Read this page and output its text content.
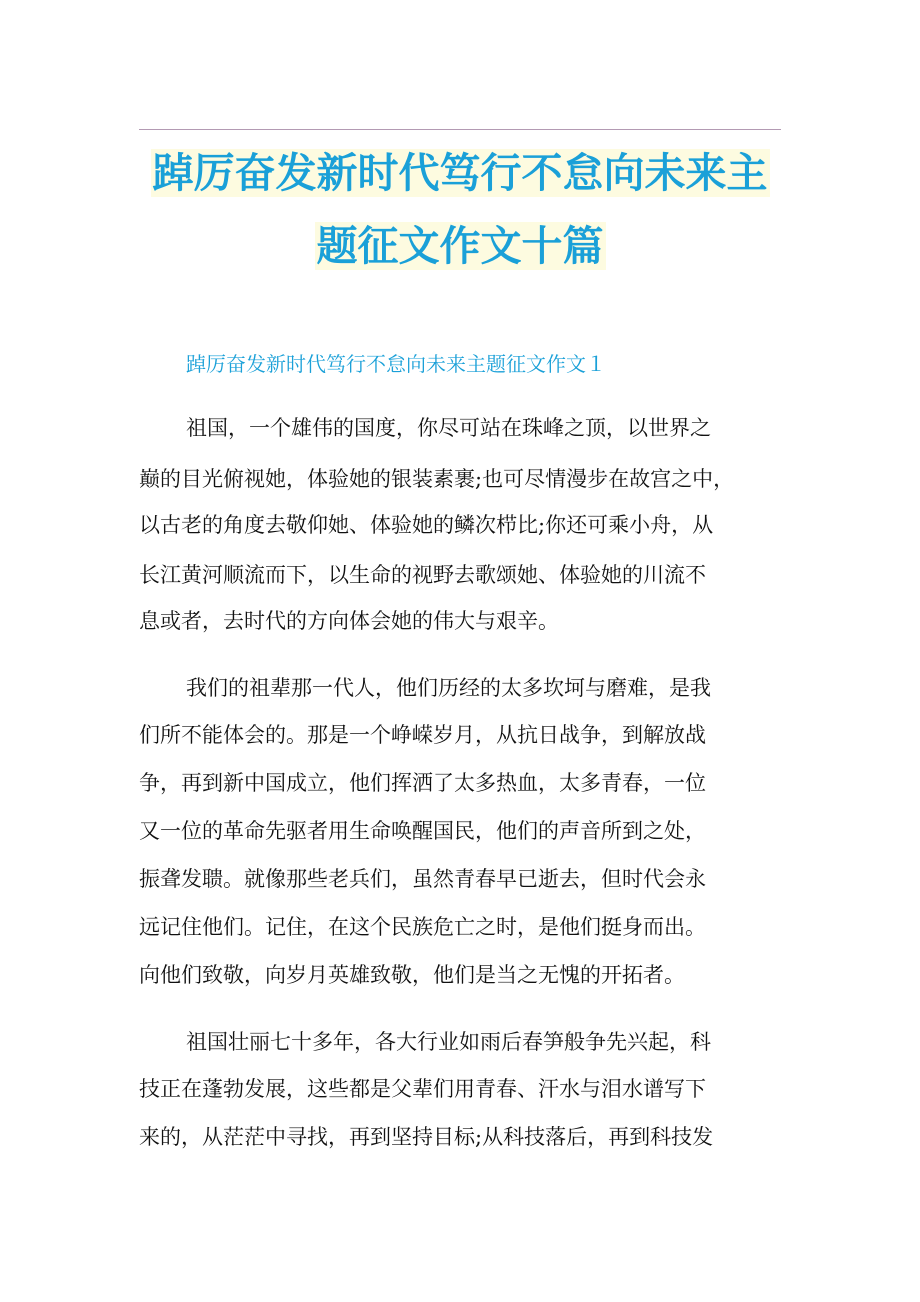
踔厉奋发新时代笃行不怠向未来主
题征文作文十篇
踔厉奋发新时代笃行不怠向未来主题征文作文１
祖国，一个雄伟的国度，你尽可站在珠峰之顶，以世界之
巅的目光俯视她，体验她的银装素裹;也可尽情漫步在故宫之中，
以古老的角度去敬仰她、体验她的鳞次栉比;你还可乘小舟，从
长江黄河顺流而下，以生命的视野去歌颂她、体验她的川流不
息或者，去时代的方向体会她的伟大与艰辛。
我们的祖辈那一代人，他们历经的太多坎坷与磨难，是我
们所不能体会的。那是一个峥嵘岁月，从抗日战争，到解放战
争，再到新中国成立，他们挥洒了太多热血，太多青春，一位
又一位的革命先驱者用生命唤醒国民，他们的声音所到之处，
振聋发聩。就像那些老兵们，虽然青春早已逝去，但时代会永
远记住他们。记住，在这个民族危亡之时，是他们挺身而出。
向他们致敬，向岁月英雄致敬，他们是当之无愧的开拓者。
祖国壮丽七十多年，各大行业如雨后春笋般争先兴起，科
技正在蓬勃发展，这些都是父辈们用青春、汗水与泪水谱写下
来的，从茫茫中寻找，再到坚持目标;从科技落后，再到科技发
